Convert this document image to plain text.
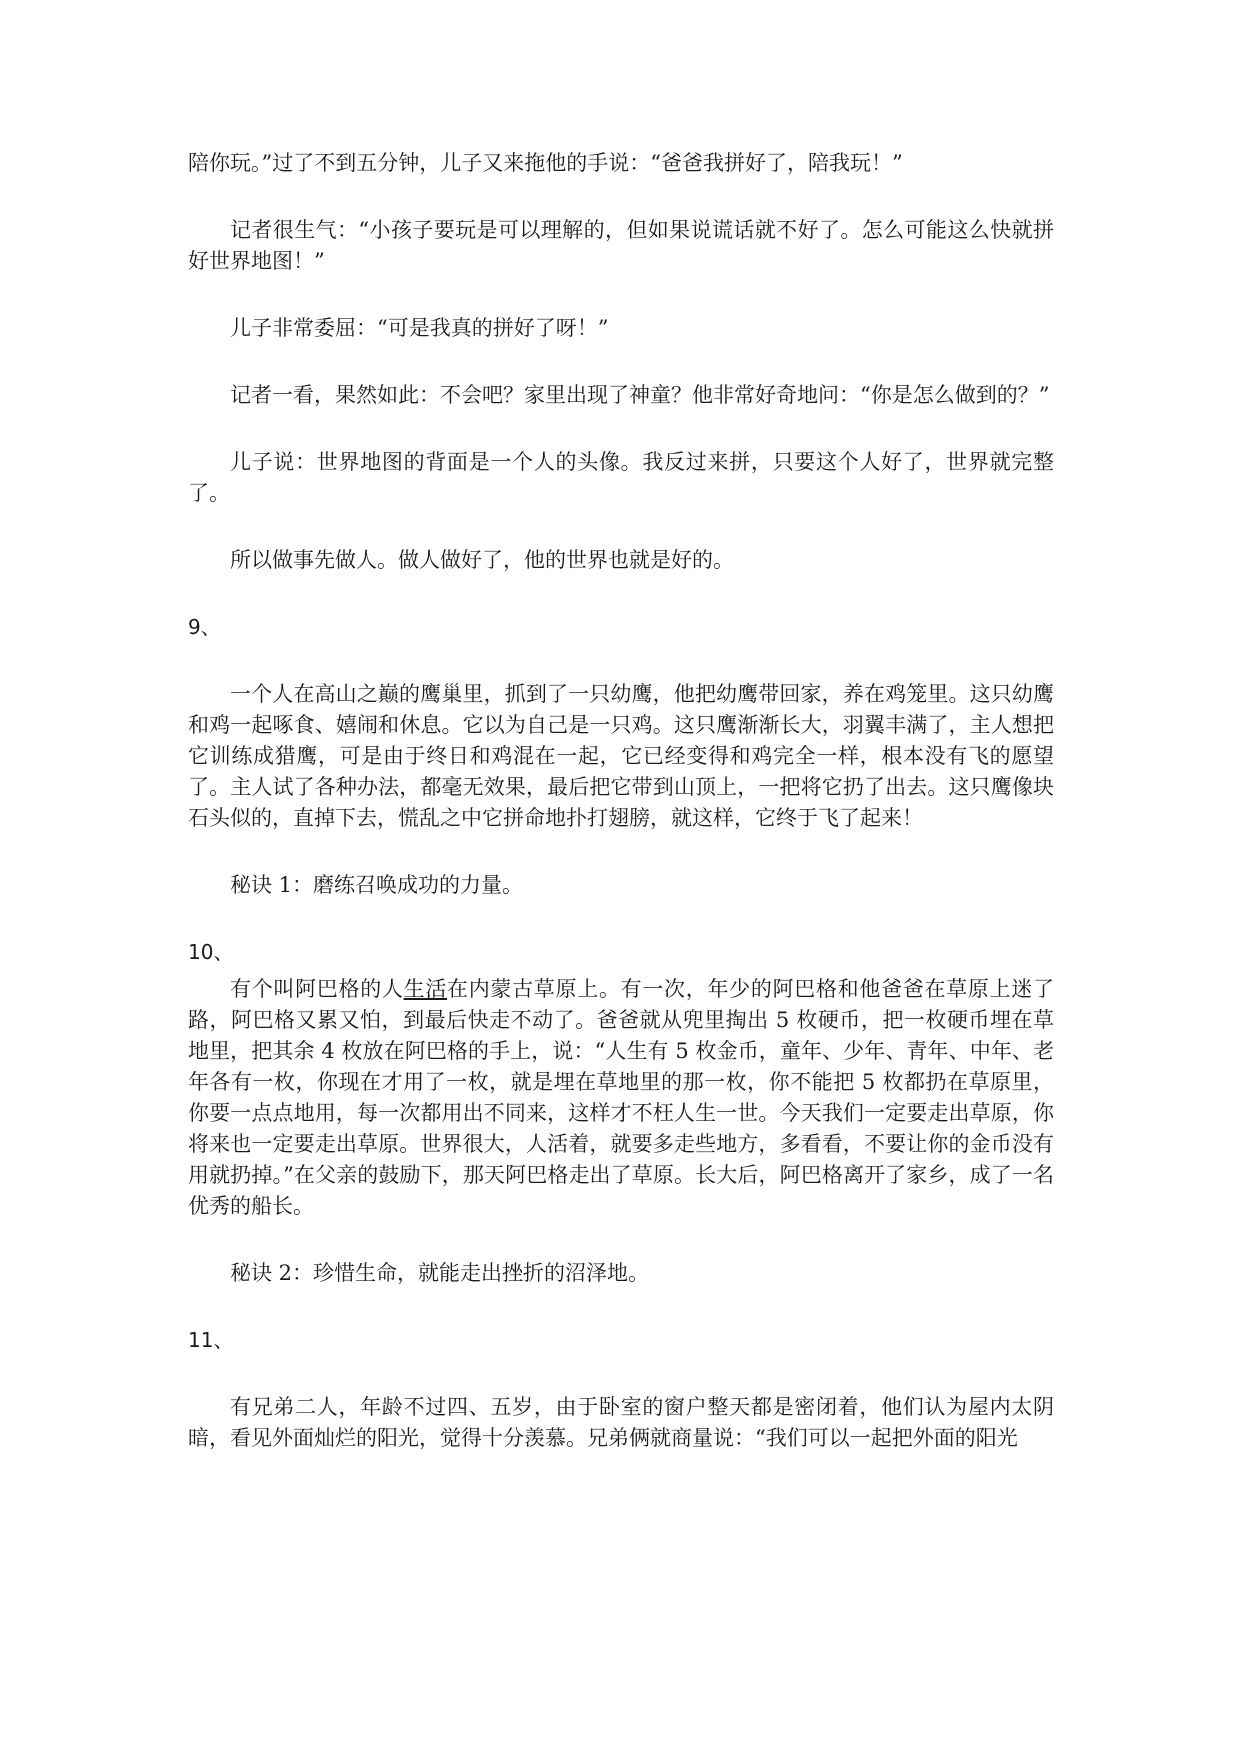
陪你玩。”过了不到五分钟，儿子又来拖他的手说：“爸爸我拼好了，陪我玩！”

记者很生气：“小孩子要玩是可以理解的，但如果说谎话就不好了。怎么可能这么快就拼好世界地图！”

儿子非常委屈：“可是我真的拼好了呀！”

记者一看，果然如此：不会吧？家里出现了神童？他非常好奇地问：“你是怎么做到的？”

儿子说：世界地图的背面是一个人的头像。我反过来拼，只要这个人好了，世界就完整了。

所以做事先做人。做人做好了，他的世界也就是好的。

9、

一个人在高山之巅的鹰巢里，抓到了一只幼鹰，他把幼鹰带回家，养在鸡笼里。这只幼鹰和鸡一起啄食、嬉闹和休息。它以为自己是一只鸡。这只鹰渐渐长大，羽翼丰满了，主人想把它训练成猎鹰，可是由于终日和鸡混在一起，它已经变得和鸡完全一样，根本没有飞的愿望了。主人试了各种办法，都毫无效果，最后把它带到山顶上，一把将它扔了出去。这只鹰像块石头似的，直掉下去，慌乱之中它拼命地扑打翅膀，就这样，它终于飞了起来！

秘诀 1：磨练召唤成功的力量。

10、

有个叫阿巴格的人生活在内蒙古草原上。有一次，年少的阿巴格和他爸爸在草原上迷了路，阿巴格又累又怕，到最后快走不动了。爸爸就从兜里掏出 5 枚硬币，把一枚硬币埋在草地里，把其余 4 枚放在阿巴格的手上，说：“人生有 5 枚金币，童年、少年、青年、中年、老年各有一枚，你现在才用了一枚，就是埋在草地里的那一枚，你不能把 5 枚都扔在草原里，你要一点点地用，每一次都用出不同来，这样才不枉人生一世。今天我们一定要走出草原，你将来也一定要走出草原。世界很大，人活着，就要多走些地方，多看看，不要让你的金币没有用就扔掉。”在父亲的鼓励下，那天阿巴格走出了草原。长大后，阿巴格离开了家乡，成了一名优秀的船长。

秘诀 2：珍惜生命，就能走出挫折的沼泽地。

11、

有兄弟二人，年龄不过四、五岁，由于卧室的窗户整天都是密闭着，他们认为屋内太阴暗，看见外面灿烂的阳光，觉得十分羡慕。兄弟俩就商量说：“我们可以一起把外面的阳光
